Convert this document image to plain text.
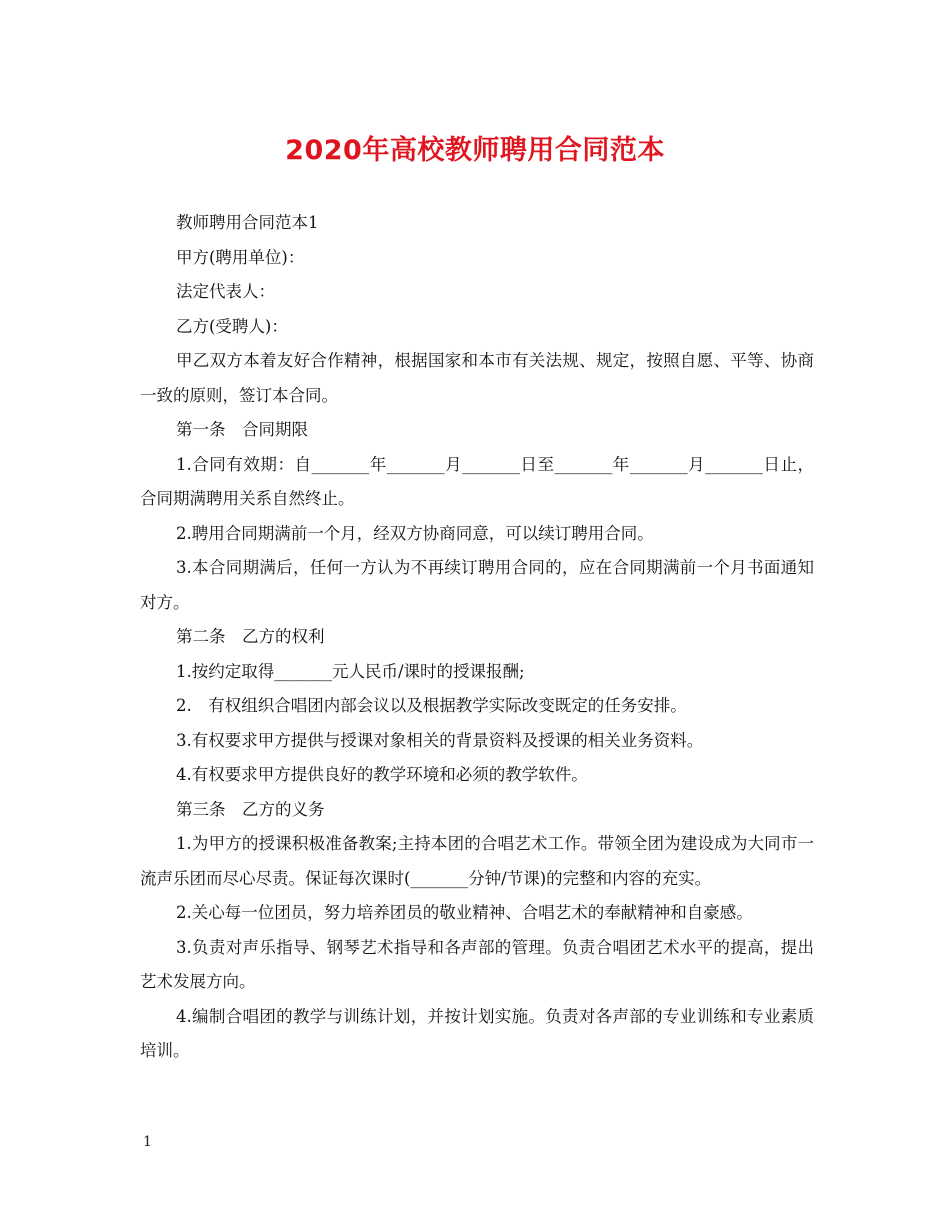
2020年高校教师聘用合同范本

教师聘用合同范本1

甲方(聘用单位)：

法定代表人：

乙方(受聘人)：

甲乙双方本着友好合作精神，根据国家和本市有关法规、规定，按照自愿、平等、协商一致的原则，签订本合同。

第一条　合同期限

1.合同有效期：自_______年_______月_______日至_______年_______月_______日止，合同期满聘用关系自然终止。

2.聘用合同期满前一个月，经双方协商同意，可以续订聘用合同。

3.本合同期满后，任何一方认为不再续订聘用合同的，应在合同期满前一个月书面通知对方。

第二条　乙方的权利

1.按约定取得_______元人民币/课时的授课报酬;

2.　有权组织合唱团内部会议以及根据教学实际改变既定的任务安排。

3.有权要求甲方提供与授课对象相关的背景资料及授课的相关业务资料。

4.有权要求甲方提供良好的教学环境和必须的教学软件。

第三条　乙方的义务

1.为甲方的授课积极准备教案;主持本团的合唱艺术工作。带领全团为建设成为大同市一流声乐团而尽心尽责。保证每次课时(_______分钟/节课)的完整和内容的充实。

2.关心每一位团员，努力培养团员的敬业精神、合唱艺术的奉献精神和自豪感。

3.负责对声乐指导、钢琴艺术指导和各声部的管理。负责合唱团艺术水平的提高，提出艺术发展方向。

4.编制合唱团的教学与训练计划，并按计划实施。负责对各声部的专业训练和专业素质培训。

1
